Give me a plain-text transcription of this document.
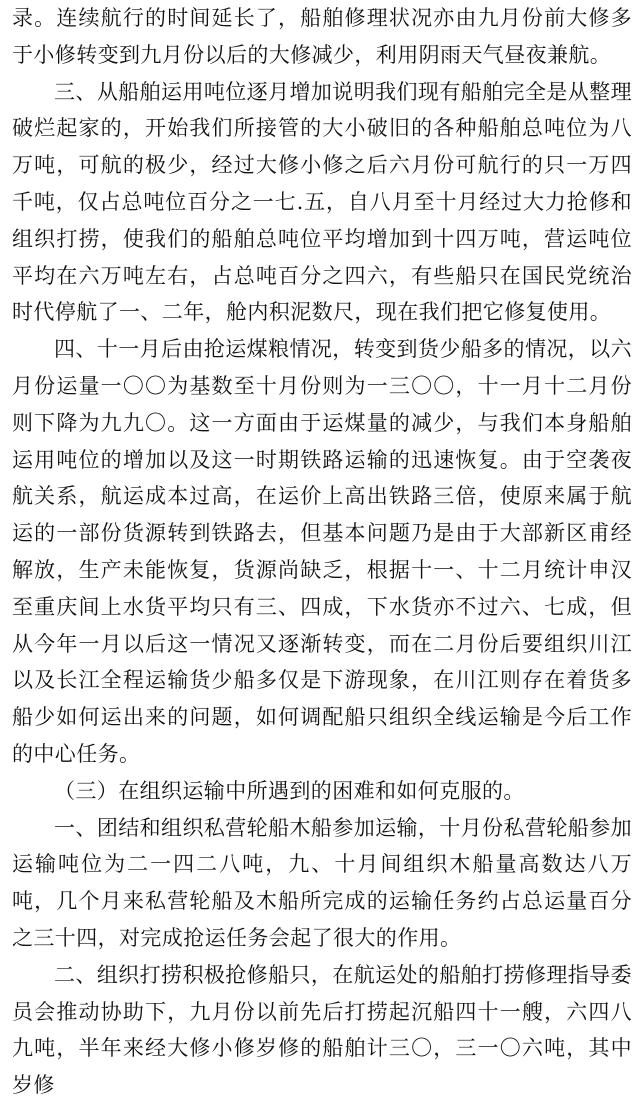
录。连续航行的时间延长了，船舶修理状况亦由九月份前大修多于小修转变到九月份以后的大修减少，利用阴雨天气昼夜兼航。

三、从船舶运用吨位逐月增加说明我们现有船舶完全是从整理破烂起家的，开始我们所接管的大小破旧的各种船舶总吨位为八万吨，可航的极少，经过大修小修之后六月份可航行的只一万四千吨，仅占总吨位百分之一七.五，自八月至十月经过大力抢修和组织打捞，使我们的船舶总吨位平均增加到十四万吨，营运吨位平均在六万吨左右，占总吨百分之四六，有些船只在国民党统治时代停航了一、二年，舱内积泥数尺，现在我们把它修复使用。

四、十一月后由抢运煤粮情况，转变到货少船多的情况，以六月份运量一〇〇为基数至十月份则为一三〇〇，十一月十二月份则下降为九九〇。这一方面由于运煤量的减少，与我们本身船舶运用吨位的增加以及这一时期铁路运输的迅速恢复。由于空袭夜航关系，航运成本过高，在运价上高出铁路三倍，使原来属于航运的一部份货源转到铁路去，但基本问题乃是由于大部新区甫经解放，生产未能恢复，货源尚缺乏，根据十一、十二月统计申汉至重庆间上水货平均只有三、四成，下水货亦不过六、七成，但从今年一月以后这一情况又逐渐转变，而在二月份后要组织川江以及长江全程运输货少船多仅是下游现象，在川江则存在着货多船少如何运出来的问题，如何调配船只组织全线运输是今后工作的中心任务。

（三）在组织运输中所遇到的困难和如何克服的。

一、团结和组织私营轮船木船参加运输，十月份私营轮船参加运输吨位为二一四二八吨，九、十月间组织木船量高数达八万吨，几个月来私营轮船及木船所完成的运输任务约占总运量百分之三十四，对完成抢运任务会起了很大的作用。

二、组织打捞积极抢修船只，在航运处的船舶打捞修理指导委员会推动协助下，九月份以前先后打捞起沉船四十一艘，六四八九吨，半年来经大修小修岁修的船舶计三〇，三一〇六吨，其中岁修
